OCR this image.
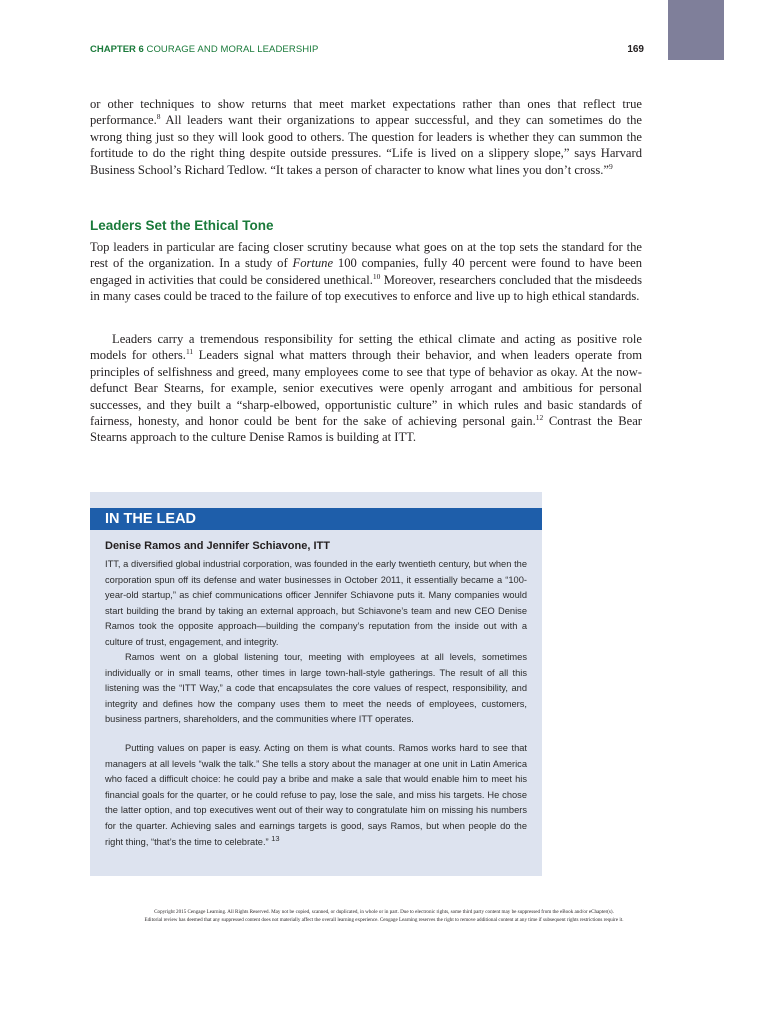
CHAPTER 6 COURAGE AND MORAL LEADERSHIP	169

or other techniques to show returns that meet market expectations rather than ones that reflect true performance.$^8$ All leaders want their organizations to appear successful, and they can sometimes do the wrong thing just so they will look good to others. The question for leaders is whether they can summon the fortitude to do the right thing despite outside pressures. “Life is lived on a slippery slope,” says Harvard Business School’s Richard Tedlow. “It takes a person of character to know what lines you don’t cross.”$^9$

Leaders Set the Ethical Tone

Top leaders in particular are facing closer scrutiny because what goes on at the top sets the standard for the rest of the organization. In a study of Fortune 100 companies, fully 40 percent were found to have been engaged in activities that could be considered unethical.$^{10}$ Moreover, researchers concluded that the misdeeds in many cases could be traced to the failure of top executives to enforce and live up to high ethical standards.

Leaders carry a tremendous responsibility for setting the ethical climate and acting as positive role models for others.$^{11}$ Leaders signal what matters through their behavior, and when leaders operate from principles of selfishness and greed, many employees come to see that type of behavior as okay. At the now-defunct Bear Stearns, for example, senior executives were openly arrogant and ambitious for personal successes, and they built a “sharp-elbowed, opportunistic culture” in which rules and basic standards of fairness, honesty, and honor could be bent for the sake of achieving personal gain.$^{12}$ Contrast the Bear Stearns approach to the culture Denise Ramos is building at ITT.

IN THE LEAD
Denise Ramos and Jennifer Schiavone, ITT

ITT, a diversified global industrial corporation, was founded in the early twentieth century, but when the corporation spun off its defense and water businesses in October 2011, it essentially became a “100-year-old startup,” as chief communications officer Jennifer Schiavone puts it. Many companies would start building the brand by taking an external approach, but Schiavone’s team and new CEO Denise Ramos took the opposite approach—building the company’s reputation from the inside out with a culture of trust, engagement, and integrity.

Ramos went on a global listening tour, meeting with employees at all levels, sometimes individually or in small teams, other times in large town-hall-style gatherings. The result of all this listening was the “ITT Way,” a code that encapsulates the core values of respect, responsibility, and integrity and defines how the company uses them to meet the needs of employees, customers, business partners, shareholders, and the communities where ITT operates.

Putting values on paper is easy. Acting on them is what counts. Ramos works hard to see that managers at all levels “walk the talk.” She tells a story about the manager at one unit in Latin America who faced a difficult choice: he could pay a bribe and make a sale that would enable him to meet his financial goals for the quarter, or he could refuse to pay, lose the sale, and miss his targets. He chose the latter option, and top executives went out of their way to congratulate him on missing his numbers for the quarter. Achieving sales and earnings targets is good, says Ramos, but when people do the right thing, “that’s the time to celebrate.” $^{13}$

Copyright 2015 Cengage Learning. All Rights Reserved. May not be copied, scanned, or duplicated, in whole or in part. Due to electronic rights, some third party content may be suppressed from the eBook and/or eChapter(s).
Editorial review has deemed that any suppressed content does not materially affect the overall learning experience. Cengage Learning reserves the right to remove additional content at any time if subsequent rights restrictions require it.
